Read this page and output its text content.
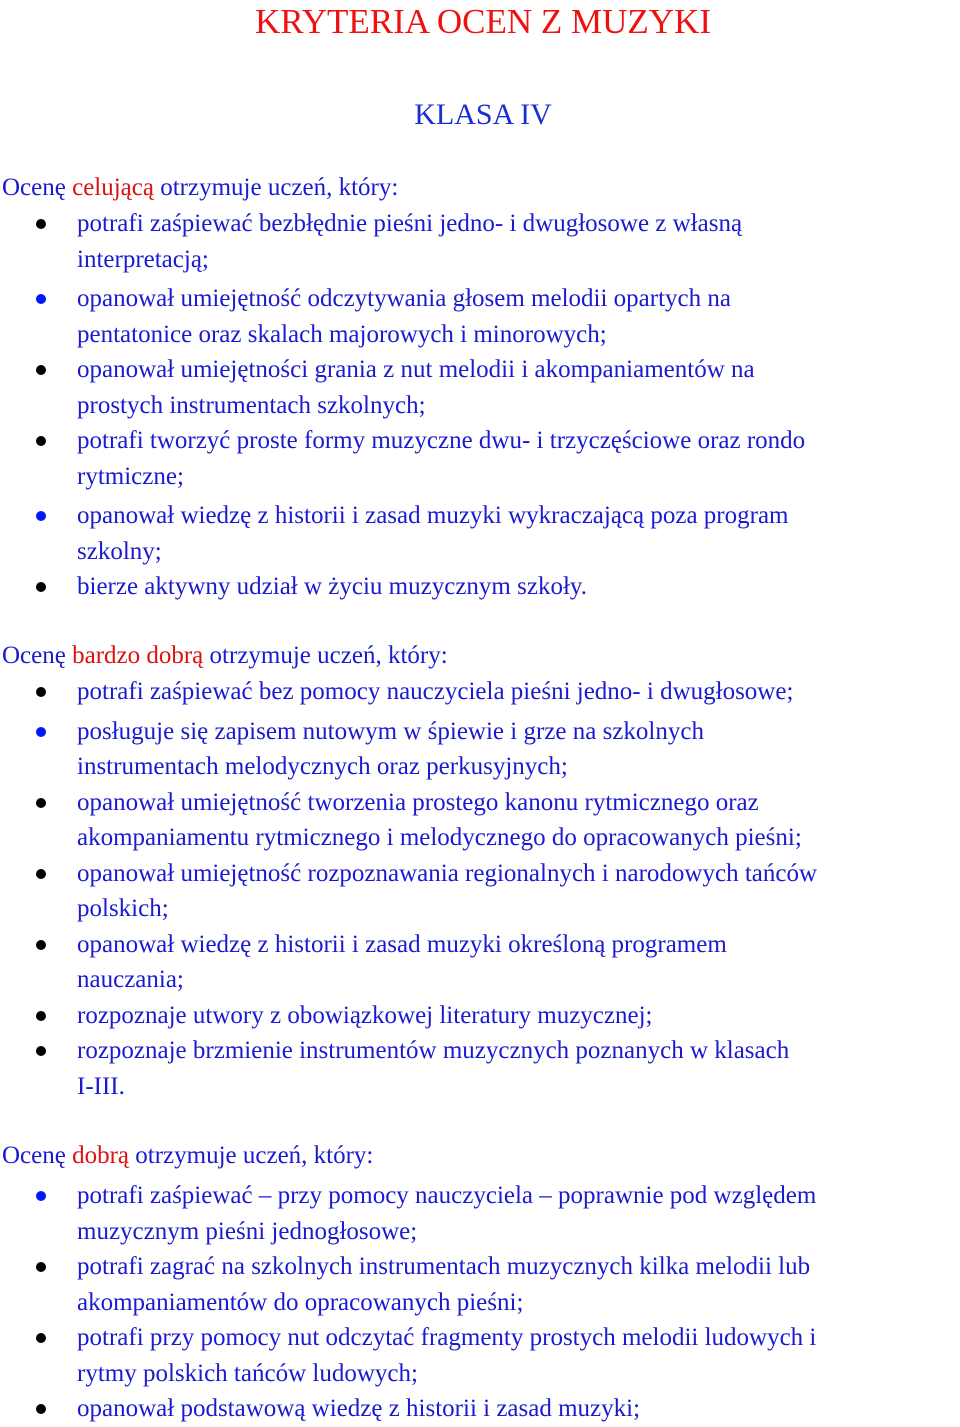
KRYTERIA OCEN Z MUZYKI
KLASA IV
Ocenę celującą otrzymuje uczeń, który:
potrafi zaśpiewać bezbłędnie pieśni jedno- i dwugłosowe z własną
interpretacją;
opanował umiejętność odczytywania głosem melodii opartych na
pentatonice oraz skalach majorowych i minorowych;
opanował umiejętności grania z nut melodii i akompaniamentów na
prostych instrumentach szkolnych;
potrafi tworzyć proste formy muzyczne dwu- i trzyczęściowe oraz rondo
rytmiczne;
opanował wiedzę z historii i zasad muzyki wykraczającą poza program
szkolny;
bierze aktywny udział w życiu muzycznym szkoły.
Ocenę bardzo dobrą otrzymuje uczeń, który:
potrafi zaśpiewać bez pomocy nauczyciela pieśni jedno- i dwugłosowe;
posługuje się zapisem nutowym w śpiewie i grze na szkolnych
instrumentach melodycznych oraz perkusyjnych;
opanował umiejętność tworzenia prostego kanonu rytmicznego oraz
akompaniamentu rytmicznego i melodycznego do opracowanych pieśni;
opanował umiejętność rozpoznawania regionalnych i narodowych tańców
polskich;
opanował wiedzę z historii i zasad muzyki określoną programem
nauczania;
rozpoznaje utwory z obowiązkowej literatury muzycznej;
rozpoznaje brzmienie instrumentów muzycznych poznanych w klasach
I-III.
Ocenę dobrą otrzymuje uczeń, który:
potrafi zaśpiewać – przy pomocy nauczyciela – poprawnie pod względem
muzycznym pieśni jednogłosowe;
potrafi zagrać na szkolnych instrumentach muzycznych kilka melodii lub
akompaniamentów do opracowanych pieśni;
potrafi przy pomocy nut odczytać fragmenty prostych melodii ludowych i
rytmy polskich tańców ludowych;
opanował podstawową wiedzę z historii i zasad muzyki;
